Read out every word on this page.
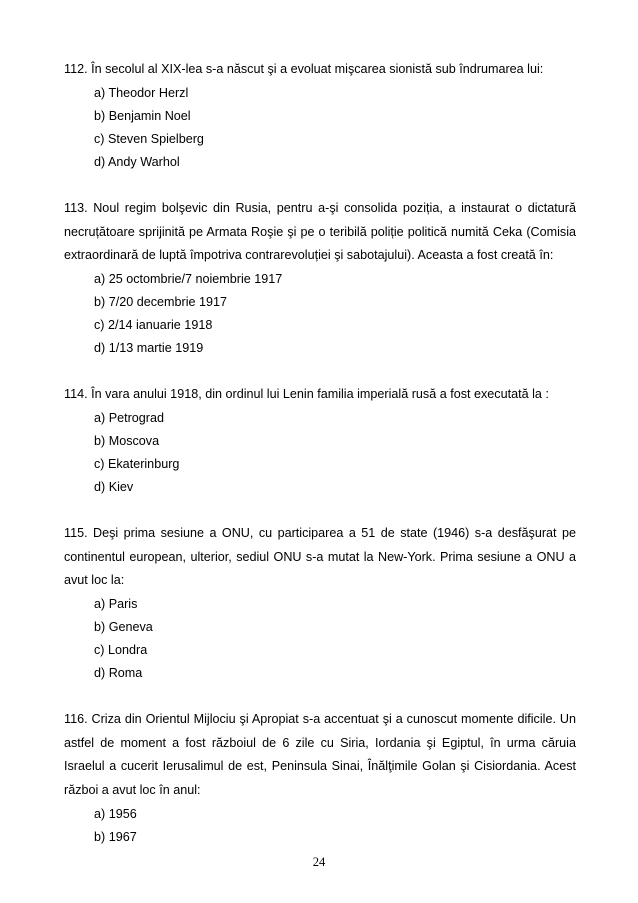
112. În secolul al XIX-lea s-a născut şi a evoluat mişcarea sionistă sub îndrumarea lui:

a) Theodor Herzl
b) Benjamin Noel
c) Steven Spielberg
d) Andy Warhol

113. Noul regim bolşevic din Rusia, pentru a-şi consolida poziția, a instaurat o dictatură necruțătoare sprijinită pe Armata Roşie şi pe o teribilă poliție politică numită Ceka (Comisia extraordinară de luptă împotriva contrarevoluției şi sabotajului). Aceasta a fost creată în:

a) 25 octombrie/7 noiembrie 1917
b) 7/20 decembrie 1917
c) 2/14 ianuarie 1918
d) 1/13 martie 1919

114. În vara anului 1918, din ordinul lui Lenin familia imperială rusă a fost executată la :

a) Petrograd
b) Moscova
c) Ekaterinburg
d) Kiev

115. Deşi prima sesiune a ONU, cu participarea a 51 de state (1946) s-a desfăşurat pe continentul european, ulterior, sediul ONU s-a mutat la New-York. Prima sesiune a ONU a avut loc la:

a) Paris
b) Geneva
c) Londra
d) Roma

116. Criza din Orientul Mijlociu şi Apropiat s-a accentuat şi a cunoscut momente dificile. Un astfel de moment a fost războiul de 6 zile cu Siria, Iordania şi Egiptul, în urma căruia Israelul a cucerit Ierusalimul de est, Peninsula Sinai, Înălţimile Golan şi Cisiordania. Acest război a avut loc în anul:

a) 1956
b) 1967
24
